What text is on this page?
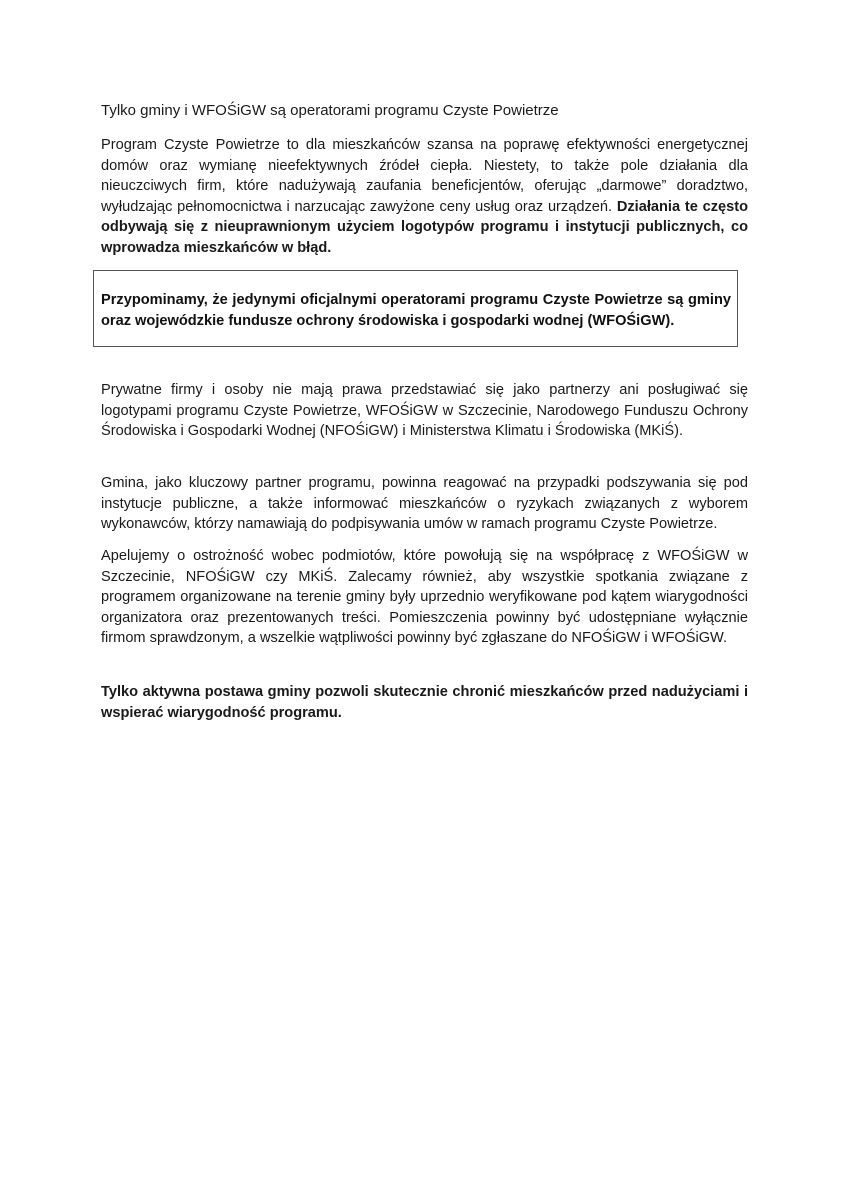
Tylko gminy i WFOŚiGW są operatorami programu Czyste Powietrze
Program Czyste Powietrze to dla mieszkańców szansa na poprawę efektywności energetycznej domów oraz wymianę nieefektywnych źródeł ciepła. Niestety, to także pole działania dla nieuczciwych firm, które nadużywają zaufania beneficjentów, oferując „darmowe” doradztwo, wyłudzając pełnomocnictwa i narzucając zawyżone ceny usług oraz urządzeń. Działania te często odbywają się z nieuprawnionym użyciem logotypów programu i instytucji publicznych, co wprowadza mieszkańców w błąd.
Przypominamy, że jedynymi oficjalnymi operatorami programu Czyste Powietrze są gminy oraz wojewódzkie fundusze ochrony środowiska i gospodarki wodnej (WFOŚiGW).
Prywatne firmy i osoby nie mają prawa przedstawiać się jako partnerzy ani posługiwać się logotypami programu Czyste Powietrze, WFOŚiGW w Szczecinie, Narodowego Funduszu Ochrony Środowiska i Gospodarki Wodnej (NFOŚiGW) i Ministerstwa Klimatu i Środowiska (MKiŚ).
Gmina, jako kluczowy partner programu, powinna reagować na przypadki podszywania się pod instytucje publiczne, a także informować mieszkańców o ryzykach związanych z wyborem wykonawców, którzy namawiają do podpisywania umów w ramach programu Czyste Powietrze.
Apelujemy o ostrożność wobec podmiotów, które powołują się na współpracę z WFOŚiGW w Szczecinie, NFOŚiGW czy MKiŚ. Zalecamy również, aby wszystkie spotkania związane z programem organizowane na terenie gminy były uprzednio weryfikowane pod kątem wiarygodności organizatora oraz prezentowanych treści. Pomieszczenia powinny być udostępniane wyłącznie firmom sprawdzonym, a wszelkie wątpliwości powinny być zgłaszane do NFOŚiGW i WFOŚiGW.
Tylko aktywna postawa gminy pozwoli skutecznie chronić mieszkańców przed nadużyciami i wspierać wiarygodność programu.
